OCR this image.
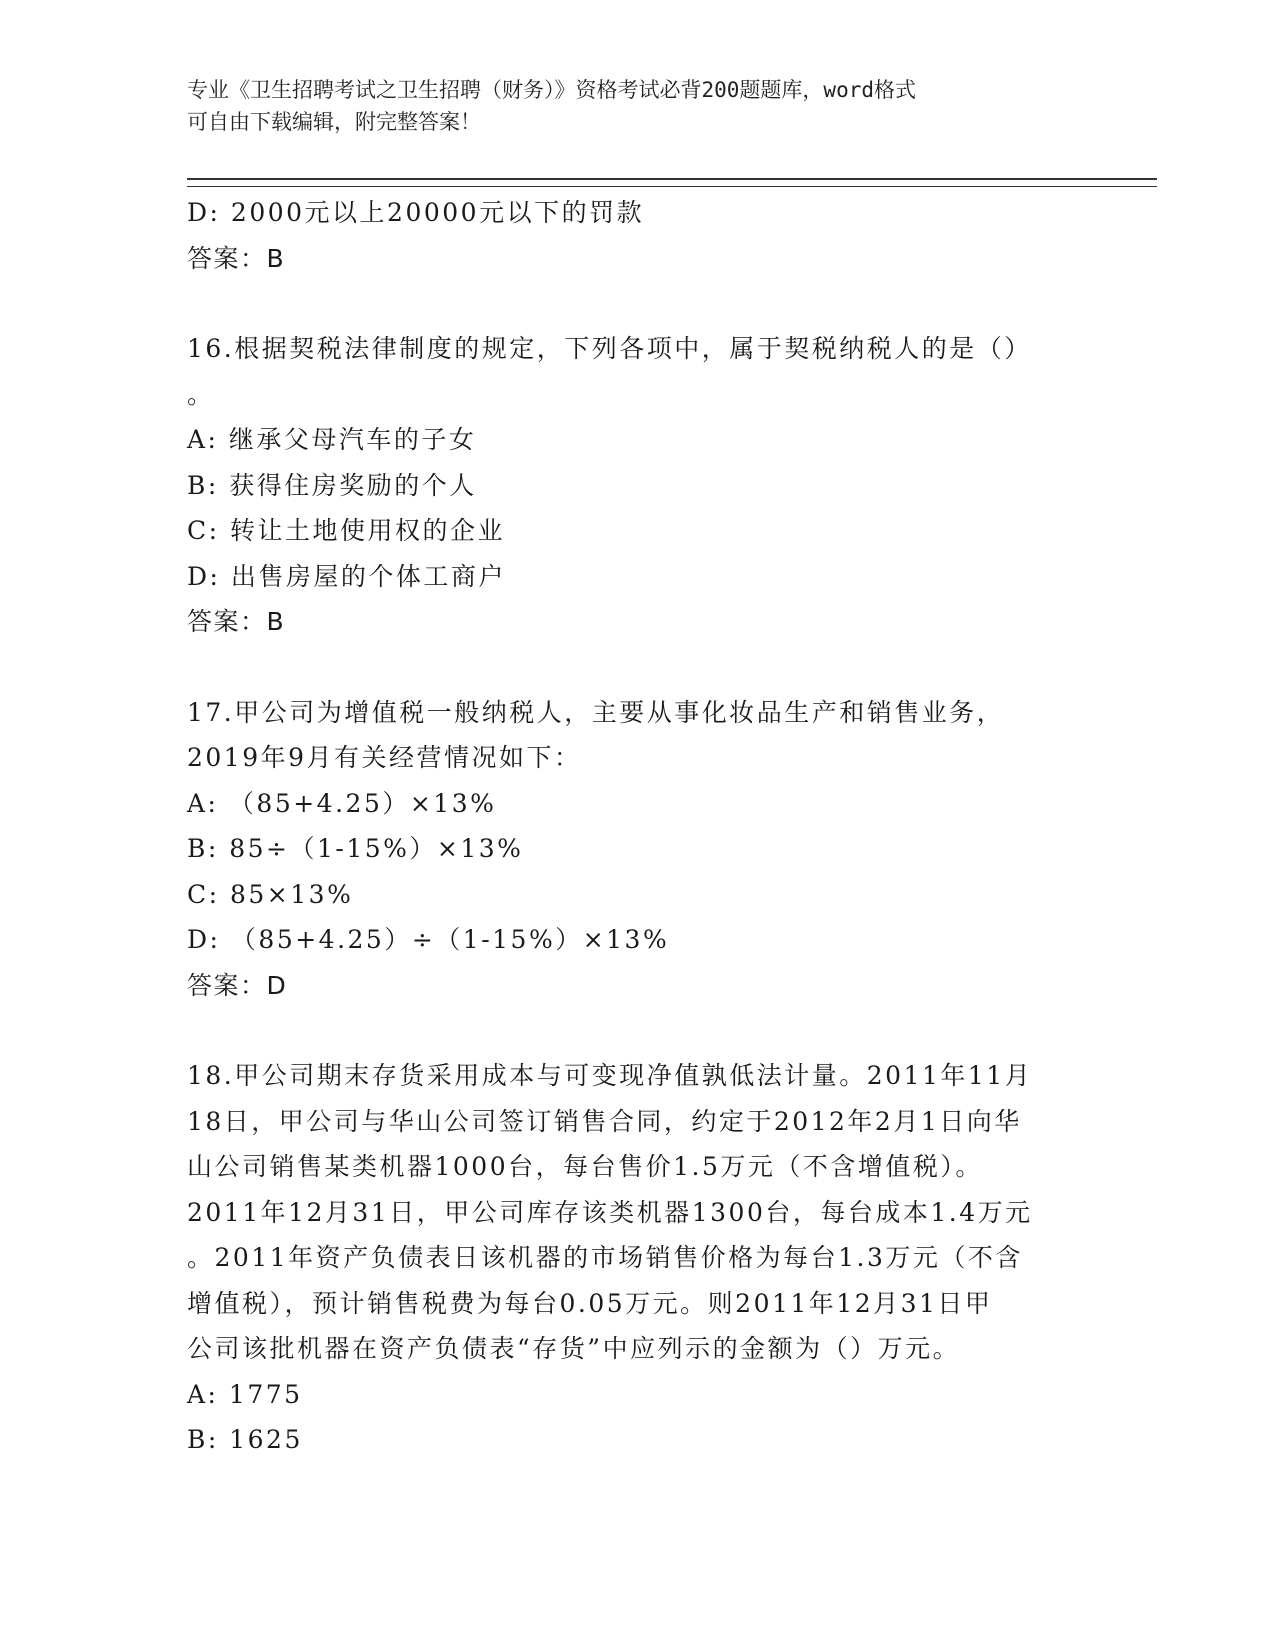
专业《卫生招聘考试之卫生招聘（财务）》资格考试必背200题题库，word格式
可自由下载编辑，附完整答案！
D: 2000元以上20000元以下的罚款
答案：B
16.根据契税法律制度的规定，下列各项中，属于契税纳税人的是（）
。
A: 继承父母汽车的子女
B: 获得住房奖励的个人
C: 转让土地使用权的企业
D: 出售房屋的个体工商户
答案：B
17.甲公司为增值税一般纳税人，主要从事化妆品生产和销售业务，
2019年9月有关经营情况如下：
A: （85+4.25）×13%
B: 85÷（1-15%）×13%
C: 85×13%
D: （85+4.25）÷（1-15%）×13%
答案：D
18.甲公司期末存货采用成本与可变现净值孰低法计量。2011年11月
18日，甲公司与华山公司签订销售合同，约定于2012年2月1日向华
山公司销售某类机器1000台，每台售价1.5万元（不含增值税）。
2011年12月31日，甲公司库存该类机器1300台，每台成本1.4万元
。2011年资产负债表日该机器的市场销售价格为每台1.3万元（不含
增值税），预计销售税费为每台0.05万元。则2011年12月31日甲
公司该批机器在资产负债表“存货”中应列示的金额为（）万元。
A: 1775
B: 1625
